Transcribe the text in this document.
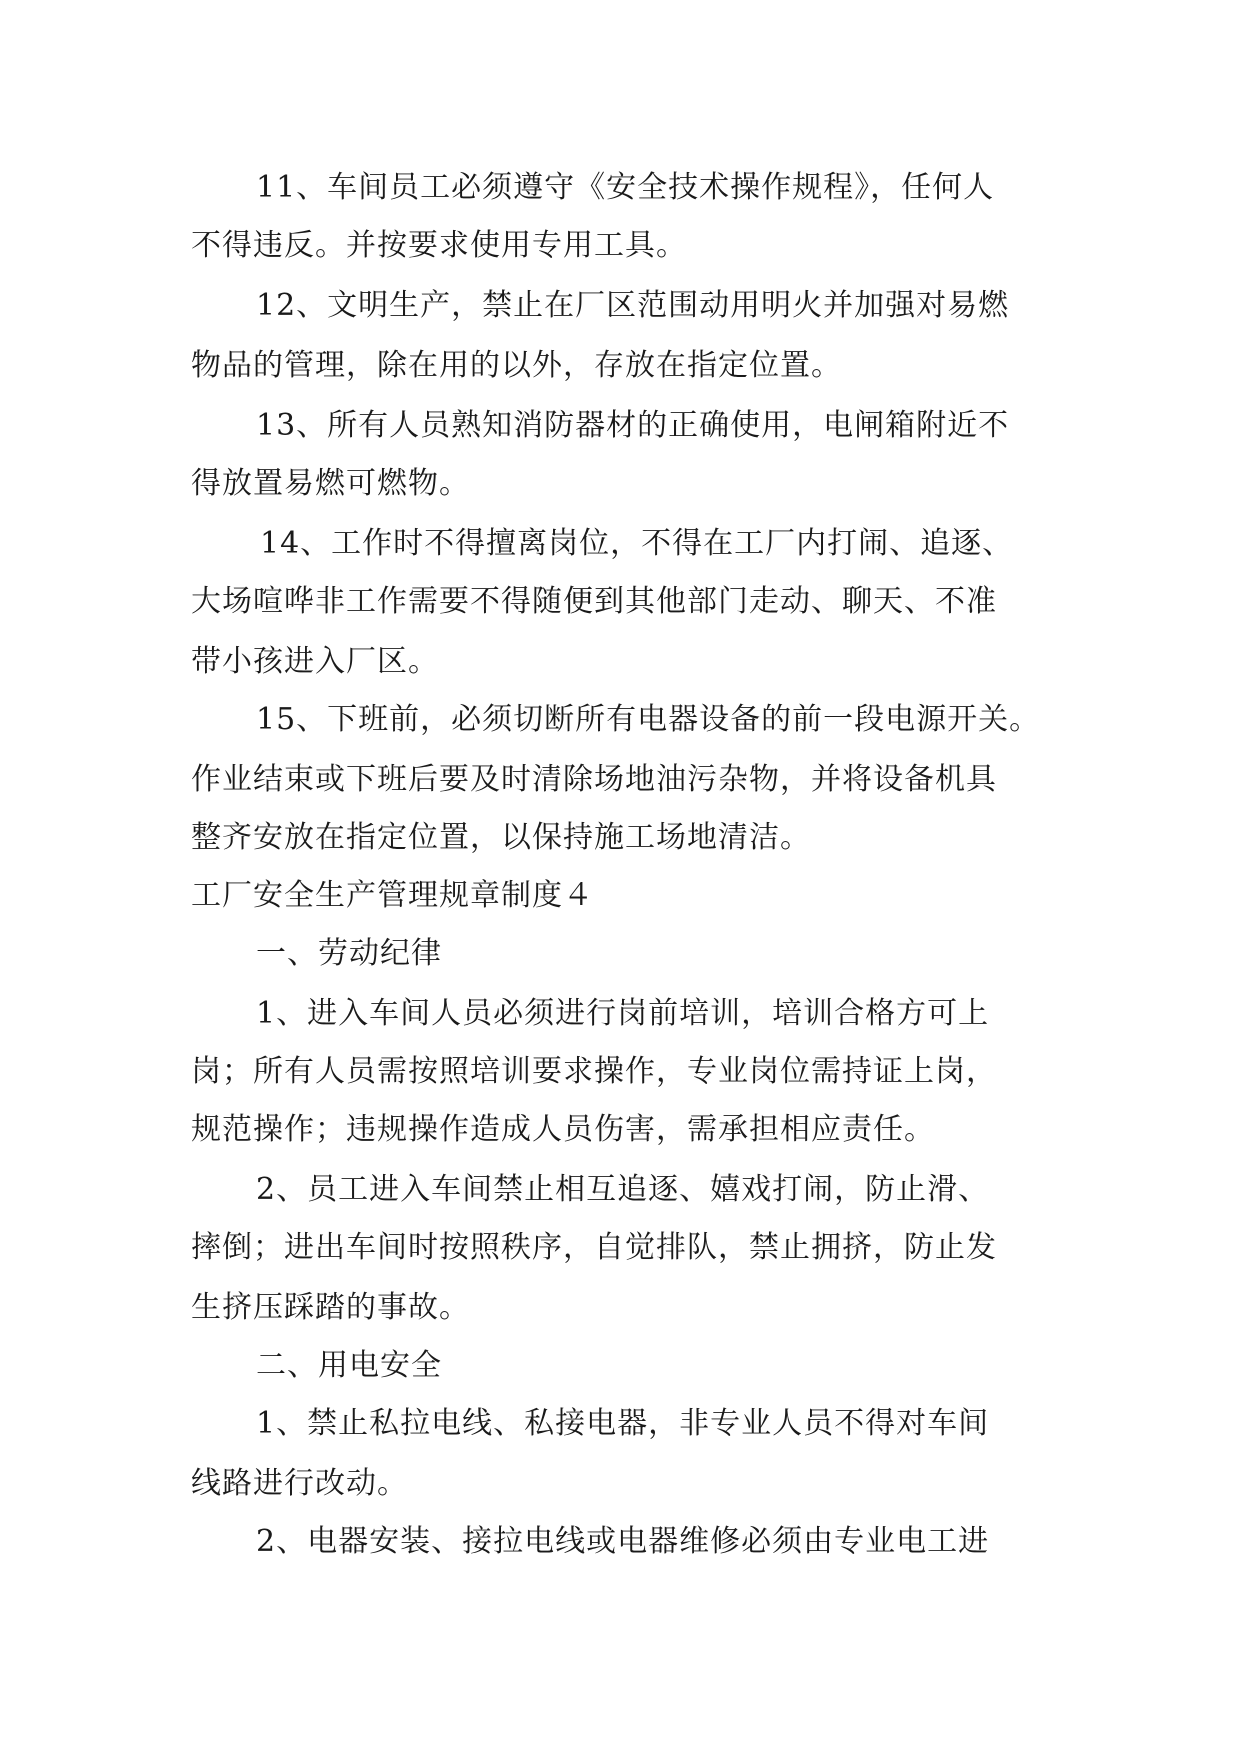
11、车间员工必须遵守《安全技术操作规程》，任何人
不得违反。并按要求使用专用工具。
12、文明生产，禁止在厂区范围动用明火并加强对易燃
物品的管理，除在用的以外，存放在指定位置。
13、所有人员熟知消防器材的正确使用，电闸箱附近不
得放置易燃可燃物。
14、工作时不得擅离岗位，不得在工厂内打闹、追逐、
大场喧哗非工作需要不得随便到其他部门走动、聊天、不准
带小孩进入厂区。
15、下班前，必须切断所有电器设备的前一段电源开关。
作业结束或下班后要及时清除场地油污杂物，并将设备机具
整齐安放在指定位置，以保持施工场地清洁。
工厂安全生产管理规章制度４
一、劳动纪律
1、进入车间人员必须进行岗前培训，培训合格方可上
岗；所有人员需按照培训要求操作，专业岗位需持证上岗，
规范操作；违规操作造成人员伤害，需承担相应责任。
2、员工进入车间禁止相互追逐、嬉戏打闹，防止滑、
摔倒；进出车间时按照秩序，自觉排队，禁止拥挤，防止发
生挤压踩踏的事故。
二、用电安全
1、禁止私拉电线、私接电器，非专业人员不得对车间
线路进行改动。
2、电器安装、接拉电线或电器维修必须由专业电工进
